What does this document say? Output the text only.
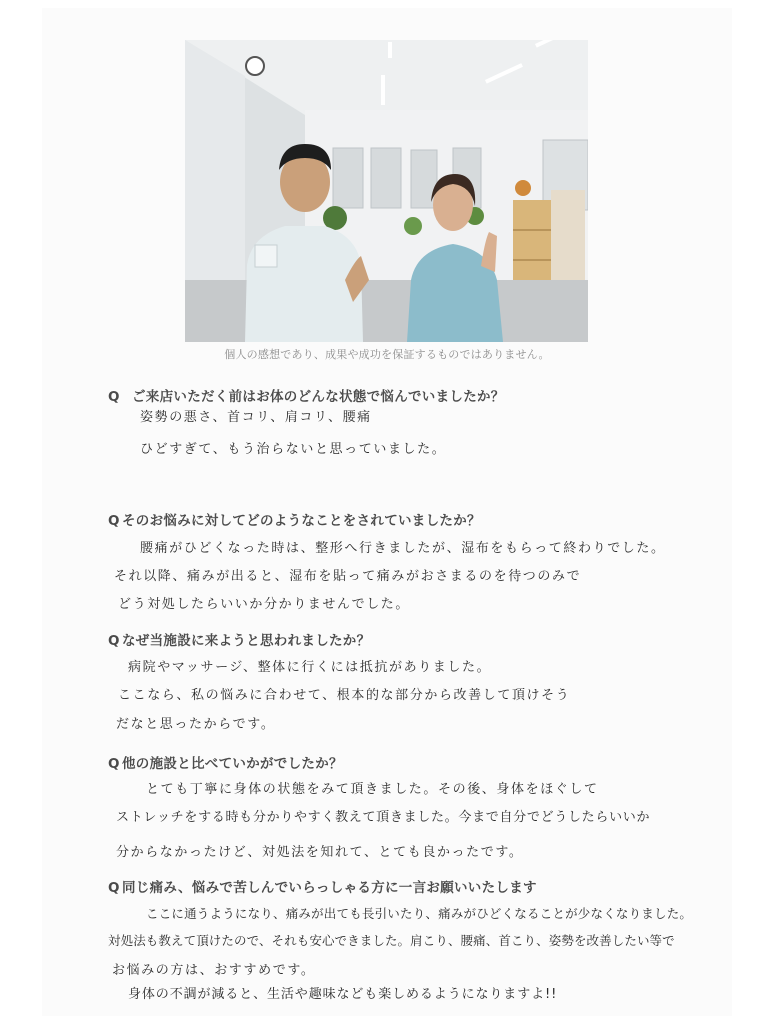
個人の感想であり、成果や成功を保証するものではありません。
Q ご来店いただく前はお体のどんな状態で悩んでいましたか？
姿勢の悪さ、首コリ、肩コリ、腰痛
ひどすぎて、もう治らないと思っていました。
Q そのお悩みに対してどのようなことをされていましたか？
腰痛がひどくなった時は、整形へ行きましたが、湿布をもらって終わりでした。
それ以降、痛みが出ると、湿布を貼って痛みがおさまるのを待つのみで
どう対処したらいいか分かりませんでした。
Q なぜ当施設に来ようと思われましたか？
病院やマッサージ、整体に行くには抵抗がありました。
ここなら、私の悩みに合わせて、根本的な部分から改善して頂けそう
だなと思ったからです。
Q 他の施設と比べていかがでしたか？
とても丁寧に身体の状態をみて頂きました。その後、身体をほぐして
ストレッチをする時も分かりやすく教えて頂きました。今まで自分でどうしたらいいか
分からなかったけど、対処法を知れて、とても良かったです。
Q 同じ痛み、悩みで苦しんでいらっしゃる方に一言お願いいたします
ここに通うようになり、痛みが出ても長引いたり、痛みがひどくなることが少なくなりました。
対処法も教えて頂けたので、それも安心できました。肩こり、腰痛、首こり、姿勢を改善したい等で
お悩みの方は、おすすめです。
身体の不調が減ると、生活や趣味なども楽しめるようになりますよ!!
